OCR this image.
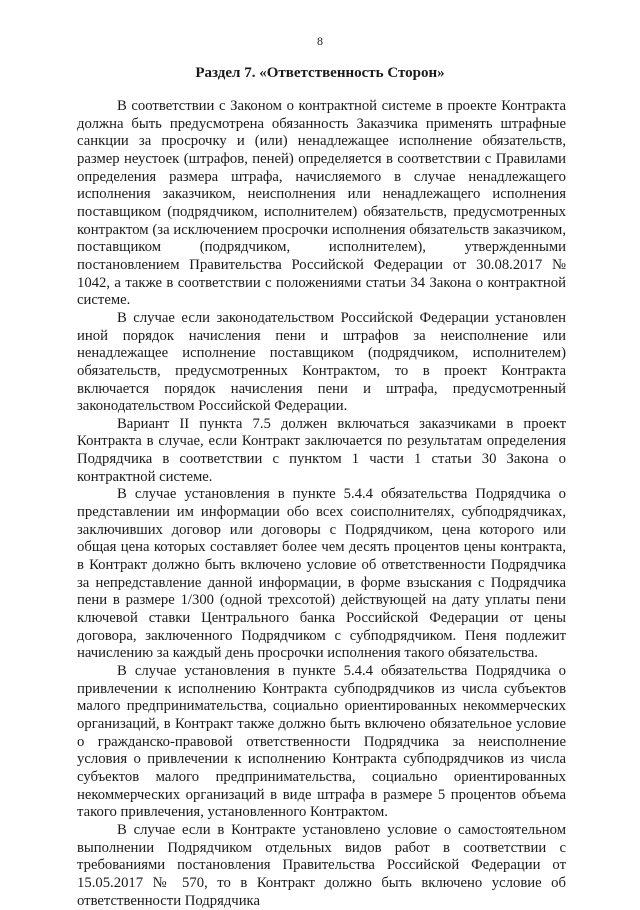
8
Раздел 7. «Ответственность Сторон»

В соответствии с Законом о контрактной системе в проекте Контракта должна быть предусмотрена обязанность Заказчика применять штрафные санкции за просрочку и (или) ненадлежащее исполнение обязательств, размер неустоек (штрафов, пеней) определяется в соответствии с Правилами определения размера штрафа, начисляемого в случае ненадлежащего исполнения заказчиком, неисполнения или ненадлежащего исполнения поставщиком (подрядчиком, исполнителем) обязательств, предусмотренных контрактом (за исключением просрочки исполнения обязательств заказчиком, поставщиком (подрядчиком, исполнителем), утвержденными постановлением Правительства Российской Федерации от 30.08.2017 № 1042, а также в соответствии с положениями статьи 34 Закона о контрактной системе.

В случае если законодательством Российской Федерации установлен иной порядок начисления пени и штрафов за неисполнение или ненадлежащее исполнение поставщиком (подрядчиком, исполнителем) обязательств, предусмотренных Контрактом, то в проект Контракта включается порядок начисления пени и штрафа, предусмотренный законодательством Российской Федерации.

Вариант II пункта 7.5 должен включаться заказчиками в проект Контракта в случае, если Контракт заключается по результатам определения Подрядчика в соответствии с пунктом 1 части 1 статьи 30 Закона о контрактной системе.

В случае установления в пункте 5.4.4 обязательства Подрядчика о представлении им информации обо всех соисполнителях, субподрядчиках, заключивших договор или договоры с Подрядчиком, цена которого или общая цена которых составляет более чем десять процентов цены контракта, в Контракт должно быть включено условие об ответственности Подрядчика за непредставление данной информации, в форме взыскания с Подрядчика пени в размере 1/300 (одной трехсотой) действующей на дату уплаты пени ключевой ставки Центрального банка Российской Федерации от цены договора, заключенного Подрядчиком с субподрядчиком. Пеня подлежит начислению за каждый день просрочки исполнения такого обязательства.

В случае установления в пункте 5.4.4 обязательства Подрядчика о привлечении к исполнению Контракта субподрядчиков из числа субъектов малого предпринимательства, социально ориентированных некоммерческих организаций, в Контракт также должно быть включено обязательное условие о гражданско-правовой ответственности Подрядчика за неисполнение условия о привлечении к исполнению Контракта субподрядчиков из числа субъектов малого предпринимательства, социально ориентированных некоммерческих организаций в виде штрафа в размере 5 процентов объема такого привлечения, установленного Контрактом.

В случае если в Контракте установлено условие о самостоятельном выполнении Подрядчиком отдельных видов работ в соответствии с требованиями постановления Правительства Российской Федерации от 15.05.2017 № 570, то в Контракт должно быть включено условие об ответственности Подрядчика
